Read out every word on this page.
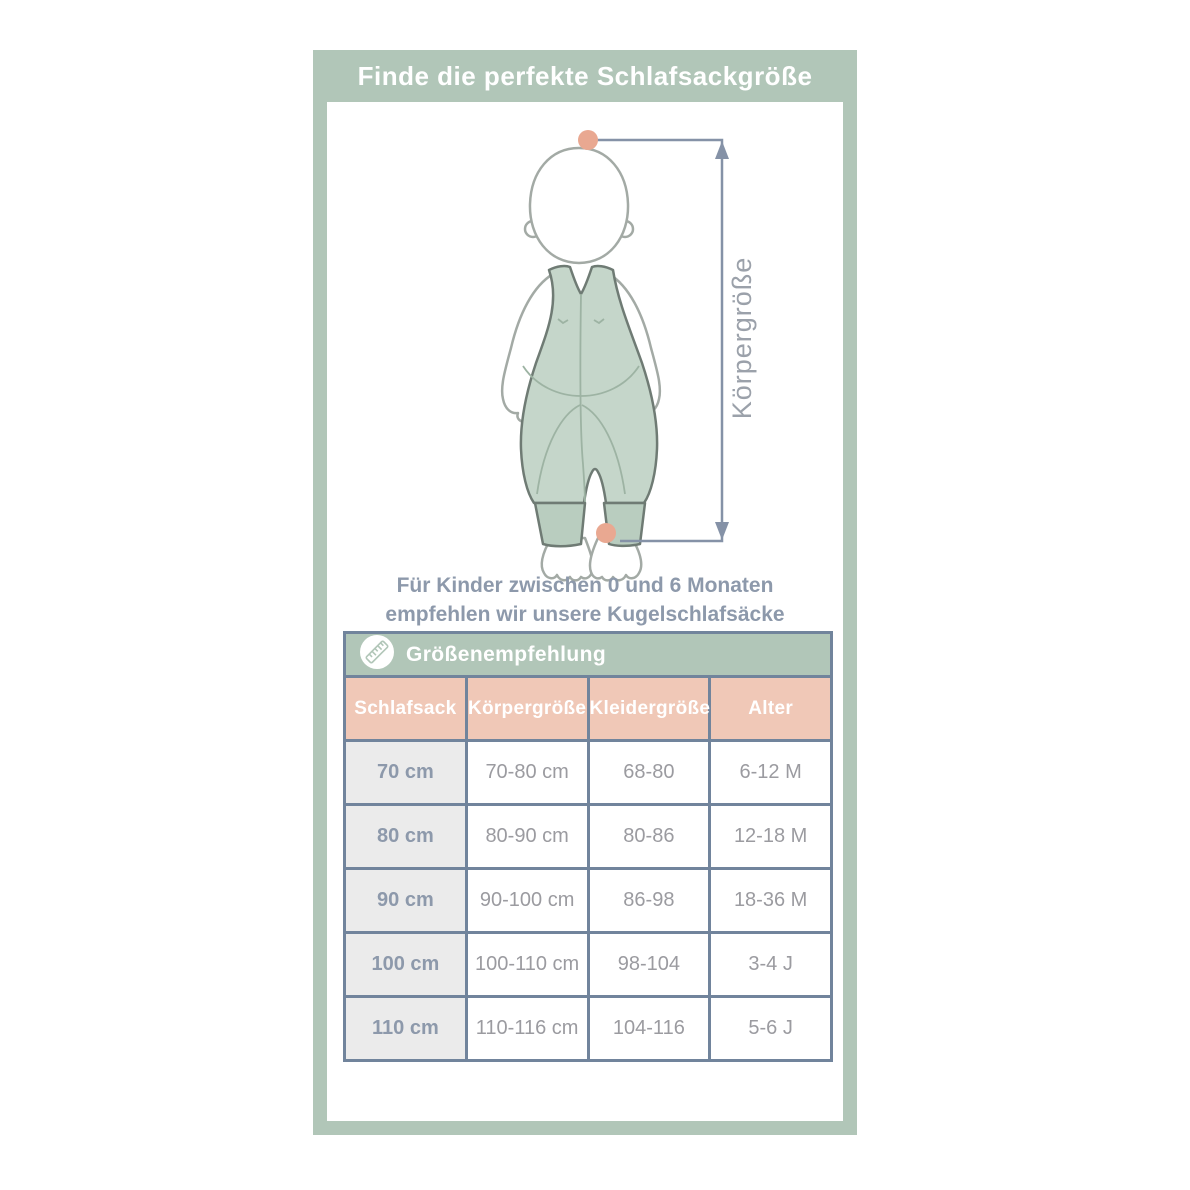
Finde die perfekte Schlafsackgröße
Körpergröße
Für Kinder zwischen 0 und 6 Monaten
empfehlen wir unsere Kugelschlafsäcke
Größenempfehlung			

Schlafsack	Körpergröße	Kleidergröße	Alter
70 cm	70-80 cm	68-80	6-12 M
80 cm	80-90 cm	80-86	12-18 M
90 cm	90-100 cm	86-98	18-36 M
100 cm	100-110 cm	98-104	3-4 J
110 cm	110-116 cm	104-116	5-6 J
